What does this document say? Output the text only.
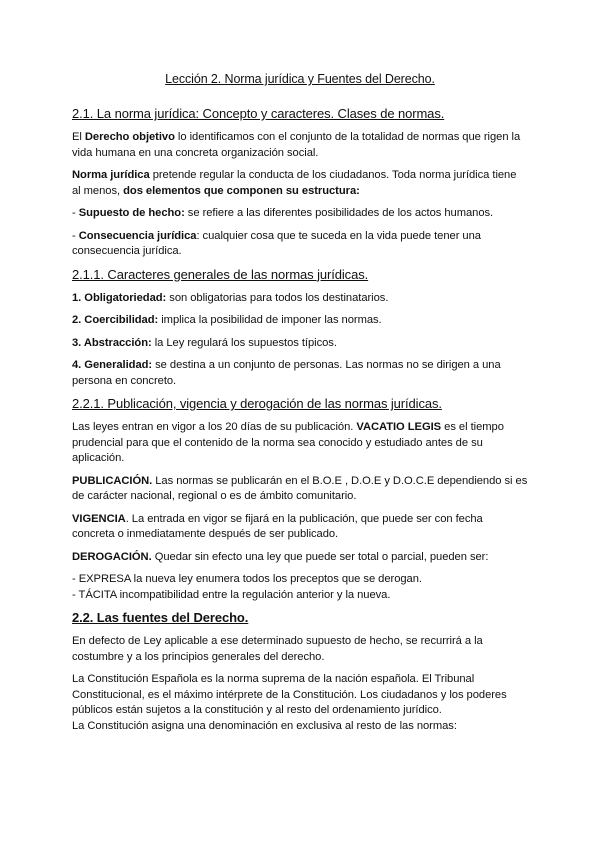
Lección 2. Norma jurídica y Fuentes del Derecho.
2.1. La norma jurídica: Concepto y caracteres. Clases de normas.

El Derecho objetivo lo identificamos con el conjunto de la totalidad de normas que rigen la vida humana en una concreta organización social.

Norma jurídica pretende regular la conducta de los ciudadanos. Toda norma jurídica tiene al menos, dos elementos que componen su estructura:

- Supuesto de hecho: se refiere a las diferentes posibilidades de los actos humanos.

- Consecuencia jurídica: cualquier cosa que te suceda en la vida puede tener una consecuencia jurídica.

2.1.1. Caracteres generales de las normas jurídicas.

1. Obligatoriedad: son obligatorias para todos los destinatarios.

2. Coercibilidad: implica la posibilidad de imponer las normas.

3. Abstracción: la Ley regulará los supuestos típicos.

4. Generalidad: se destina a un conjunto de personas. Las normas no se dirigen a una persona en concreto.

2.2.1. Publicación, vigencia y derogación de las normas jurídicas.

Las leyes entran en vigor a los 20 días de su publicación. VACATIO LEGIS es el tiempo prudencial para que el contenido de la norma sea conocido y estudiado antes de su aplicación.

PUBLICACIÓN. Las normas se publicarán en el B.O.E , D.O.E y D.O.C.E dependiendo si es de carácter nacional, regional o es de ámbito comunitario.

VIGENCIA. La entrada en vigor se fijará en la publicación, que puede ser con fecha concreta o inmediatamente después de ser publicado.

DEROGACIÓN. Quedar sin efecto una ley que puede ser total o parcial, pueden ser:

- EXPRESA la nueva ley enumera todos los preceptos que se derogan.

- TÁCITA incompatibilidad entre la regulación anterior y la nueva.

2.2. Las fuentes del Derecho.

En defecto de Ley aplicable a ese determinado supuesto de hecho, se recurrirá a la costumbre y a los principios generales del derecho.

La Constitución Española es la norma suprema de la nación española. El Tribunal Constitucional, es el máximo intérprete de la Constitución. Los ciudadanos y los poderes públicos están sujetos a la constitución y al resto del ordenamiento jurídico.

La Constitución asigna una denominación en exclusiva al resto de las normas:
